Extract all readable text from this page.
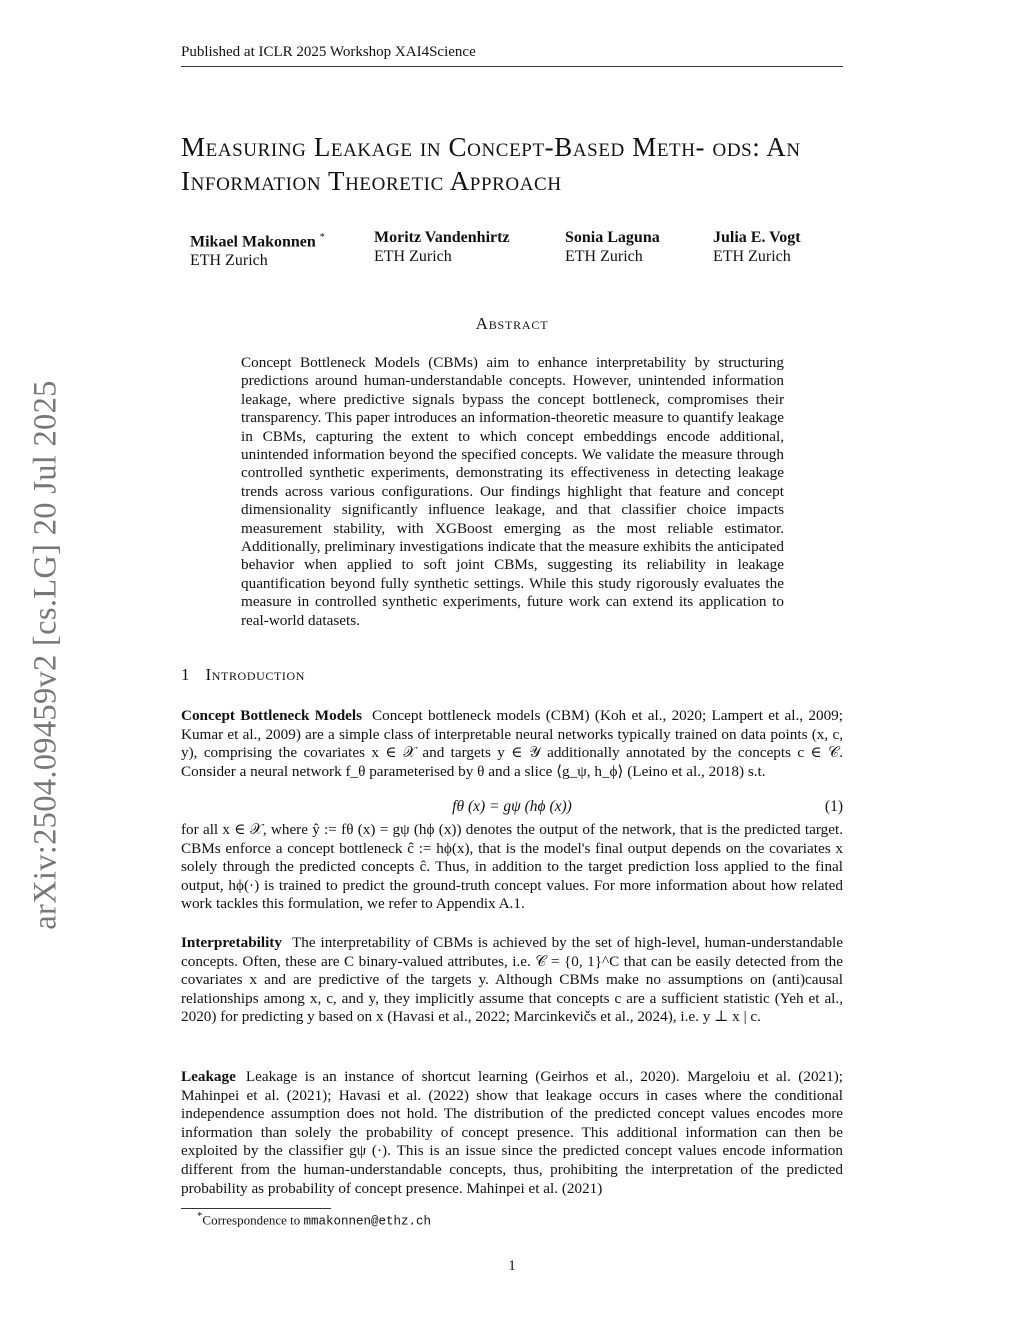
Published at ICLR 2025 Workshop XAI4Science
arXiv:2504.09459v2 [cs.LG] 20 Jul 2025
Measuring Leakage in Concept-Based Meth- ods: An Information Theoretic Approach
Mikael Makonnen *
ETH Zurich
Moritz Vandenhirtz
ETH Zurich
Sonia Laguna
ETH Zurich
Julia E. Vogt
ETH Zurich
Abstract
Concept Bottleneck Models (CBMs) aim to enhance interpretability by structuring predictions around human-understandable concepts. However, unintended information leakage, where predictive signals bypass the concept bottleneck, compromises their transparency. This paper introduces an information-theoretic measure to quantify leakage in CBMs, capturing the extent to which concept embeddings encode additional, unintended information beyond the specified concepts. We validate the measure through controlled synthetic experiments, demonstrating its effectiveness in detecting leakage trends across various configurations. Our findings highlight that feature and concept dimensionality significantly influence leakage, and that classifier choice impacts measurement stability, with XGBoost emerging as the most reliable estimator. Additionally, preliminary investigations indicate that the measure exhibits the anticipated behavior when applied to soft joint CBMs, suggesting its reliability in leakage quantification beyond fully synthetic settings. While this study rigorously evaluates the measure in controlled synthetic experiments, future work can extend its application to real-world datasets.
1 Introduction
Concept Bottleneck Models Concept bottleneck models (CBM) (Koh et al., 2020; Lampert et al., 2009; Kumar et al., 2009) are a simple class of interpretable neural networks typically trained on data points (x, c, y), comprising the covariates x ∈ 𝒳 and targets y ∈ 𝒴 additionally annotated by the concepts c ∈ 𝒞. Consider a neural network f_θ parameterised by θ and a slice ⟨g_ψ, h_ϕ⟩ (Leino et al., 2018) s.t.
fθ (x) = gψ (hϕ (x))	(1)
for all x ∈ 𝒳, where ŷ := fθ (x) = gψ (hϕ (x)) denotes the output of the network, that is the predicted target. CBMs enforce a concept bottleneck ĉ := hϕ(x), that is the model's final output depends on the covariates x solely through the predicted concepts ĉ. Thus, in addition to the target prediction loss applied to the final output, hϕ(·) is trained to predict the ground-truth concept values. For more information about how related work tackles this formulation, we refer to Appendix A.1.
Interpretability The interpretability of CBMs is achieved by the set of high-level, human-understandable concepts. Often, these are C binary-valued attributes, i.e. 𝒞 = {0, 1}^C that can be easily detected from the covariates x and are predictive of the targets y. Although CBMs make no assumptions on (anti)causal relationships among x, c, and y, they implicitly assume that concepts c are a sufficient statistic (Yeh et al., 2020) for predicting y based on x (Havasi et al., 2022; Marcinkevičs et al., 2024), i.e. y ⊥ x | c.
Leakage Leakage is an instance of shortcut learning (Geirhos et al., 2020). Margeloiu et al. (2021); Mahinpei et al. (2021); Havasi et al. (2022) show that leakage occurs in cases where the conditional independence assumption does not hold. The distribution of the predicted concept values encodes more information than solely the probability of concept presence. This additional information can then be exploited by the classifier gψ (·). This is an issue since the predicted concept values encode information different from the human-understandable concepts, thus, prohibiting the interpretation of the predicted probability as probability of concept presence. Mahinpei et al. (2021)
*Correspondence to mmakonnen@ethz.ch
1
